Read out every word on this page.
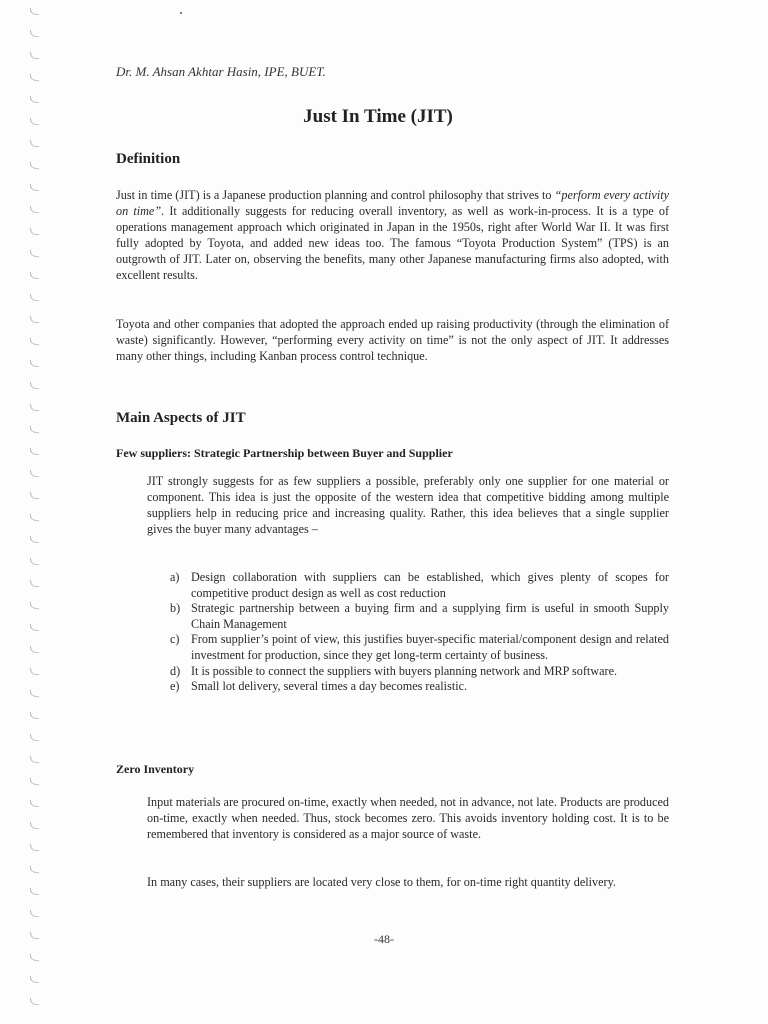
Dr. M. Ahsan Akhtar Hasin, IPE, BUET.
Just In Time (JIT)
Definition
Just in time (JIT) is a Japanese production planning and control philosophy that strives to “perform every activity on time”. It additionally suggests for reducing overall inventory, as well as work-in-process. It is a type of operations management approach which originated in Japan in the 1950s, right after World War II. It was first fully adopted by Toyota, and added new ideas too. The famous “Toyota Production System” (TPS) is an outgrowth of JIT. Later on, observing the benefits, many other Japanese manufacturing firms also adopted, with excellent results.
Toyota and other companies that adopted the approach ended up raising productivity (through the elimination of waste) significantly. However, “performing every activity on time” is not the only aspect of JIT. It addresses many other things, including Kanban process control technique.
Main Aspects of JIT
Few suppliers: Strategic Partnership between Buyer and Supplier
JIT strongly suggests for as few suppliers a possible, preferably only one supplier for one material or component. This idea is just the opposite of the western idea that competitive bidding among multiple suppliers help in reducing price and increasing quality. Rather, this idea believes that a single supplier gives the buyer many advantages –
a) Design collaboration with suppliers can be established, which gives plenty of scopes for competitive product design as well as cost reduction
b) Strategic partnership between a buying firm and a supplying firm is useful in smooth Supply Chain Management
c) From supplier’s point of view, this justifies buyer-specific material/component design and related investment for production, since they get long-term certainty of business.
d) It is possible to connect the suppliers with buyers planning network and MRP software.
e) Small lot delivery, several times a day becomes realistic.
Zero Inventory
Input materials are procured on-time, exactly when needed, not in advance, not late. Products are produced on-time, exactly when needed. Thus, stock becomes zero. This avoids inventory holding cost. It is to be remembered that inventory is considered as a major source of waste.
In many cases, their suppliers are located very close to them, for on-time right quantity delivery.
-48-
